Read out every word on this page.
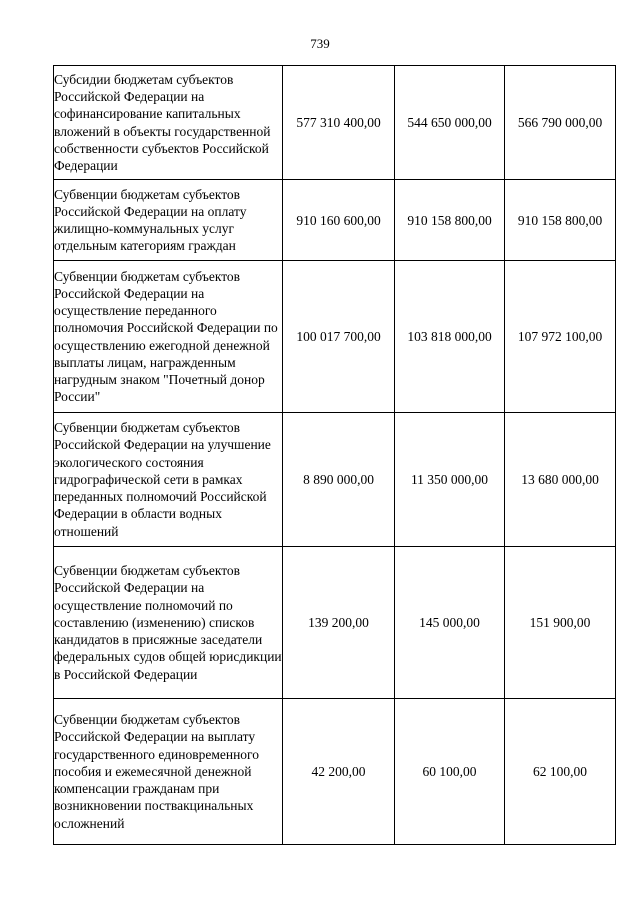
739
Субсидии бюджетам субъектов Российской Федерации на софинансирование капитальных вложений в объекты государственной собственности субъектов Российской Федерации	577 310 400,00	544 650 000,00	566 790 000,00
Субвенции бюджетам субъектов Российской Федерации на оплату жилищно-коммунальных услуг отдельным категориям граждан	910 160 600,00	910 158 800,00	910 158 800,00
Субвенции бюджетам субъектов Российской Федерации на осуществление переданного полномочия Российской Федерации по осуществлению ежегодной денежной выплаты лицам, награжденным нагрудным знаком "Почетный донор России"	100 017 700,00	103 818 000,00	107 972 100,00
Субвенции бюджетам субъектов Российской Федерации на улучшение экологического состояния гидрографической сети в рамках переданных полномочий Российской Федерации в области водных отношений	8 890 000,00	11 350 000,00	13 680 000,00
Субвенции бюджетам субъектов Российской Федерации на осуществление полномочий по составлению (изменению) списков кандидатов в присяжные заседатели федеральных судов общей юрисдикции в Российской Федерации	139 200,00	145 000,00	151 900,00
Субвенции бюджетам субъектов Российской Федерации на выплату государственного единовременного пособия и ежемесячной денежной компенсации гражданам при возникновении поствакцинальных осложнений	42 200,00	60 100,00	62 100,00
